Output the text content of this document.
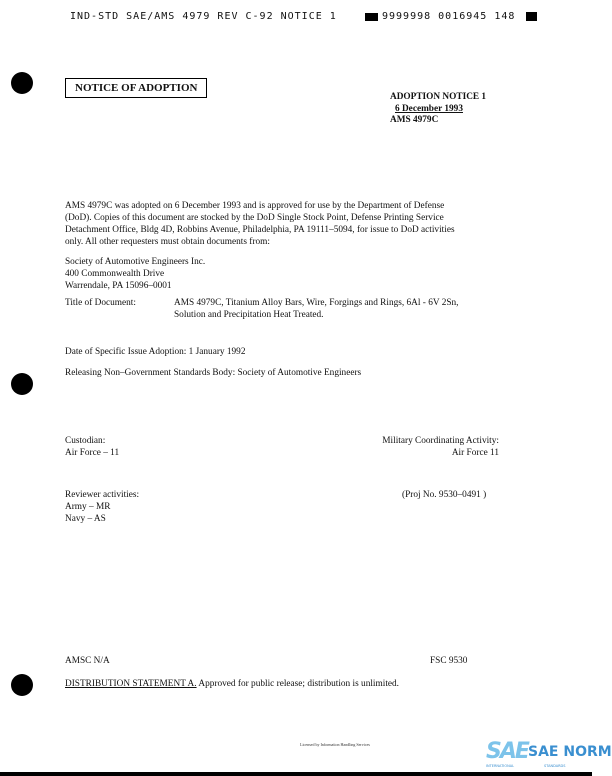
IND-STD SAE/AMS 4979 REV C-92 NOTICE 1	9999998 0016945 148
NOTICE OF ADOPTION
ADOPTION NOTICE 1
6 December 1993
AMS 4979C
AMS 4979C was adopted on 6 December 1993 and is approved for use by the Department of Defense
(DoD). Copies of this document are stocked by the DoD Single Stock Point, Defense Printing Service
Detachment Office, Bldg 4D, Robbins Avenue, Philadelphia, PA 19111–5094, for issue to DoD activities
only. All other requesters must obtain documents from:
Society of Automotive Engineers Inc.
400 Commonwealth Drive
Warrendale, PA 15096–0001
Title of Document:	AMS 4979C, Titanium Alloy Bars, Wire, Forgings and Rings, 6Al - 6V 2Sn,
Solution and Precipitation Heat Treated.
Date of Specific Issue Adoption: 1 January 1992
Releasing Non–Government Standards Body: Society of Automotive Engineers
Custodian:
Air Force – 11
Military Coordinating Activity:
Air Force 11
Reviewer activities:
Army – MR
Navy – AS
(Proj No. 9530–0491 )
AMSC N/A	FSC 9530
DISTRIBUTION STATEMENT A. Approved for public release; distribution is unlimited.
Licensed by Information Handling Services	SAE SAE NORM
INTERNATIONAL	STANDARDS
